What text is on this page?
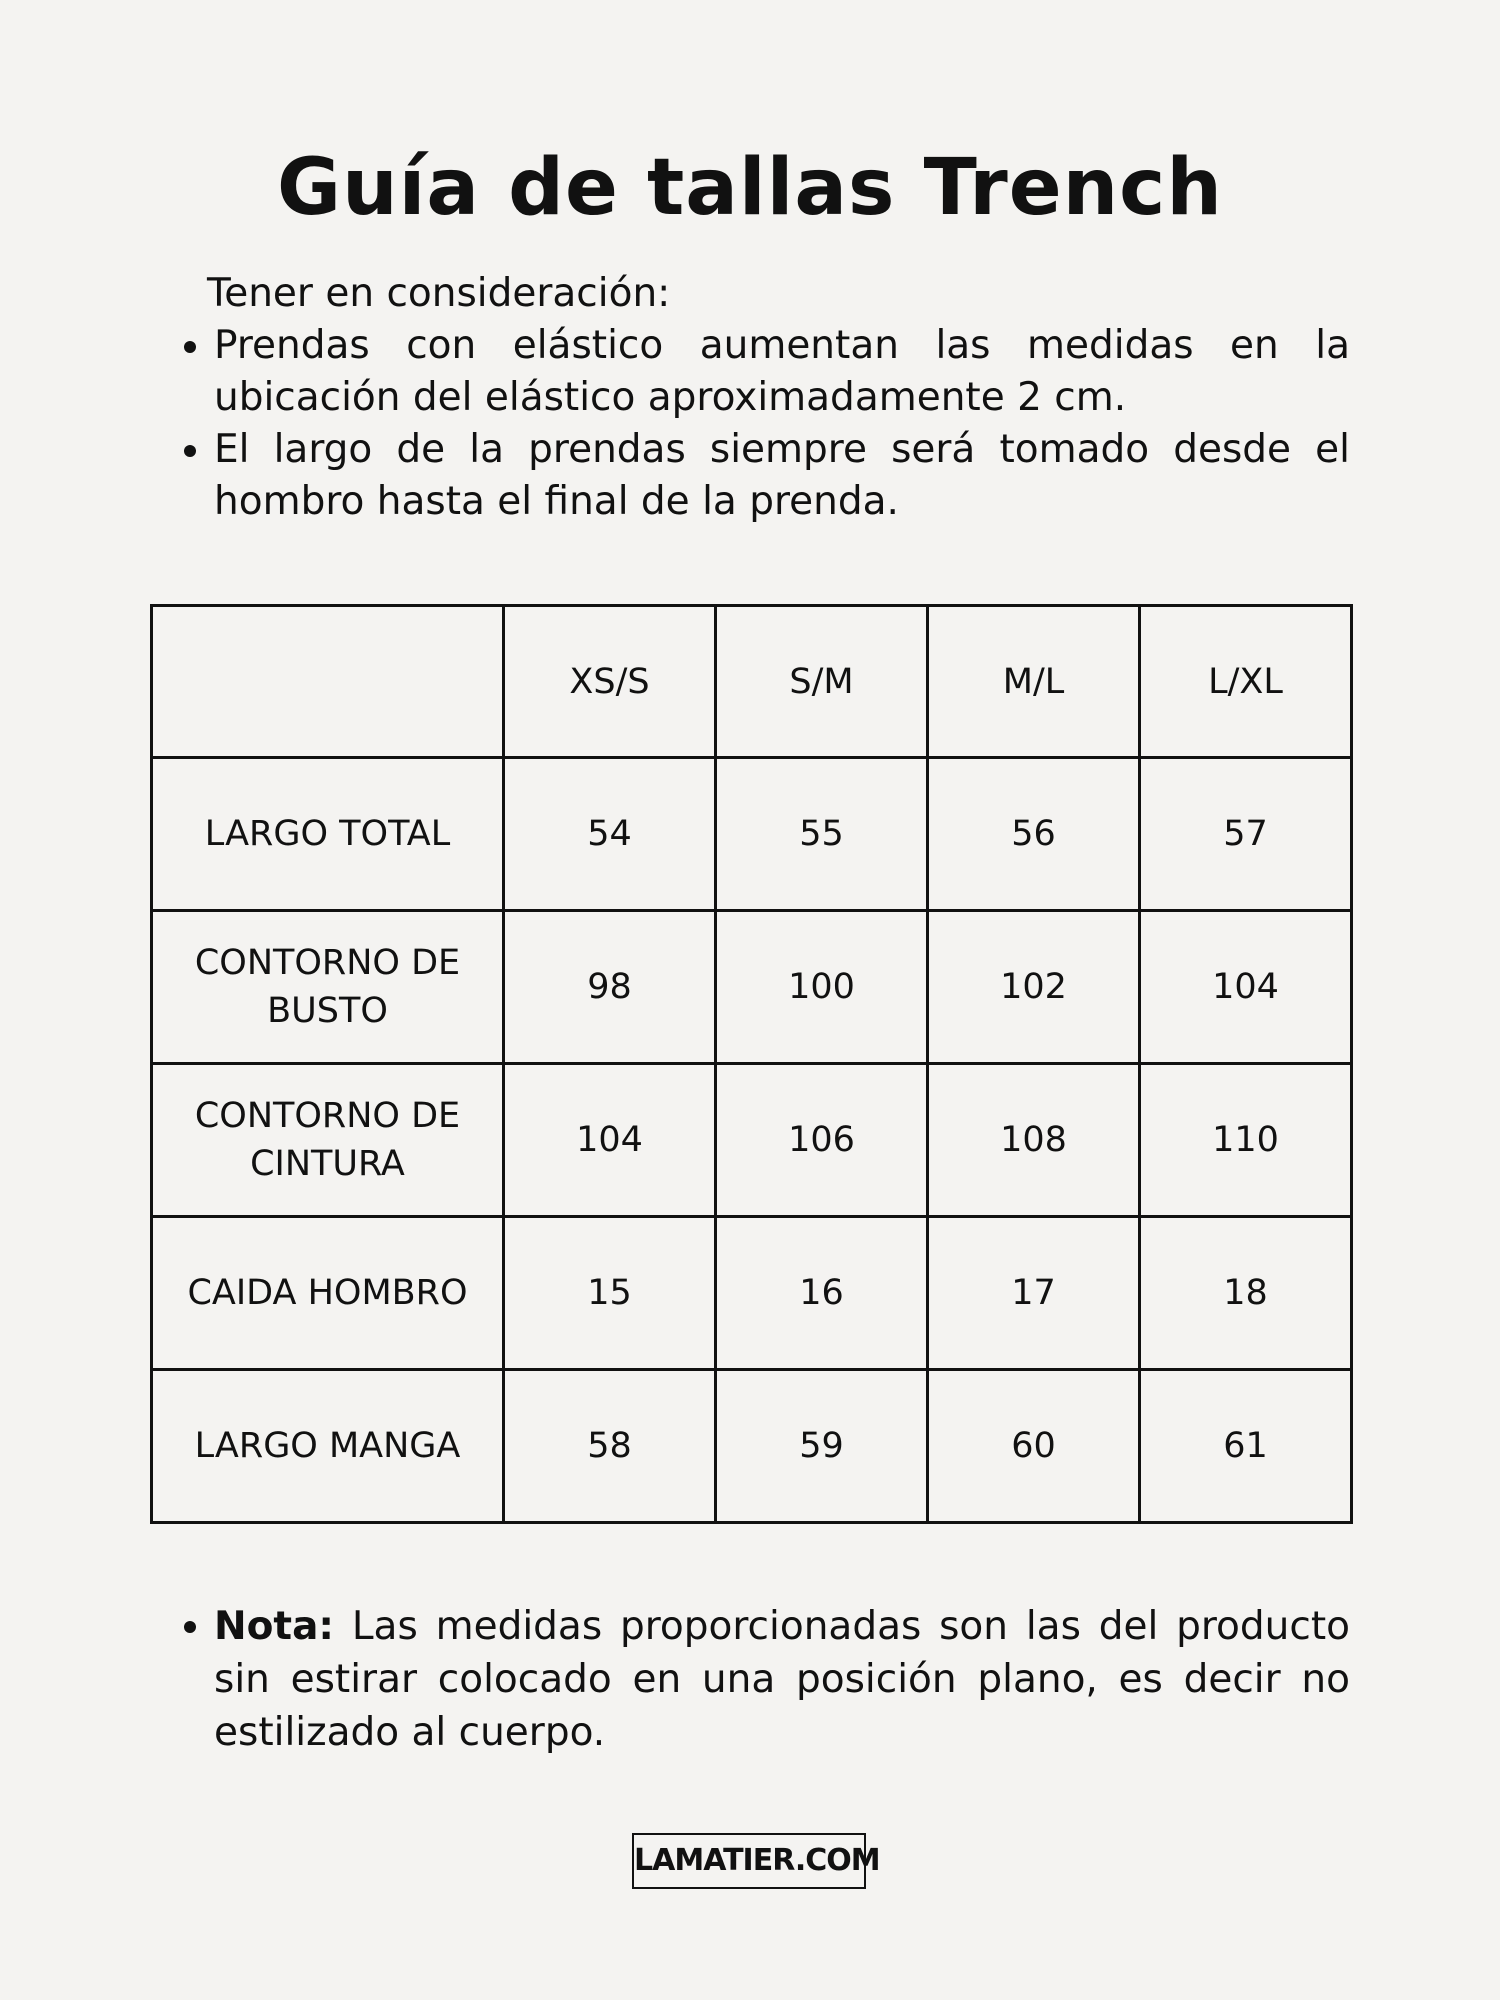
Guía de tallas Trench

Tener en consideración:

Prendas con elástico aumentan las medidas en la ubicación del elástico aproximadamente 2 cm.
El largo de la prendas siempre será tomado desde el hombro hasta el final de la prenda.
	XS/S	S/M	M/L	L/XL
LARGO TOTAL	54	55	56	57
CONTORNO DE BUSTO	98	100	102	104
CONTORNO DE CINTURA	104	106	108	110
CAIDA HOMBRO	15	16	17	18
LARGO MANGA	58	59	60	61
Nota: Las medidas proporcionadas son las del producto sin estirar colocado en una posición plano, es decir no estilizado al cuerpo.
LAMATIER.COM
